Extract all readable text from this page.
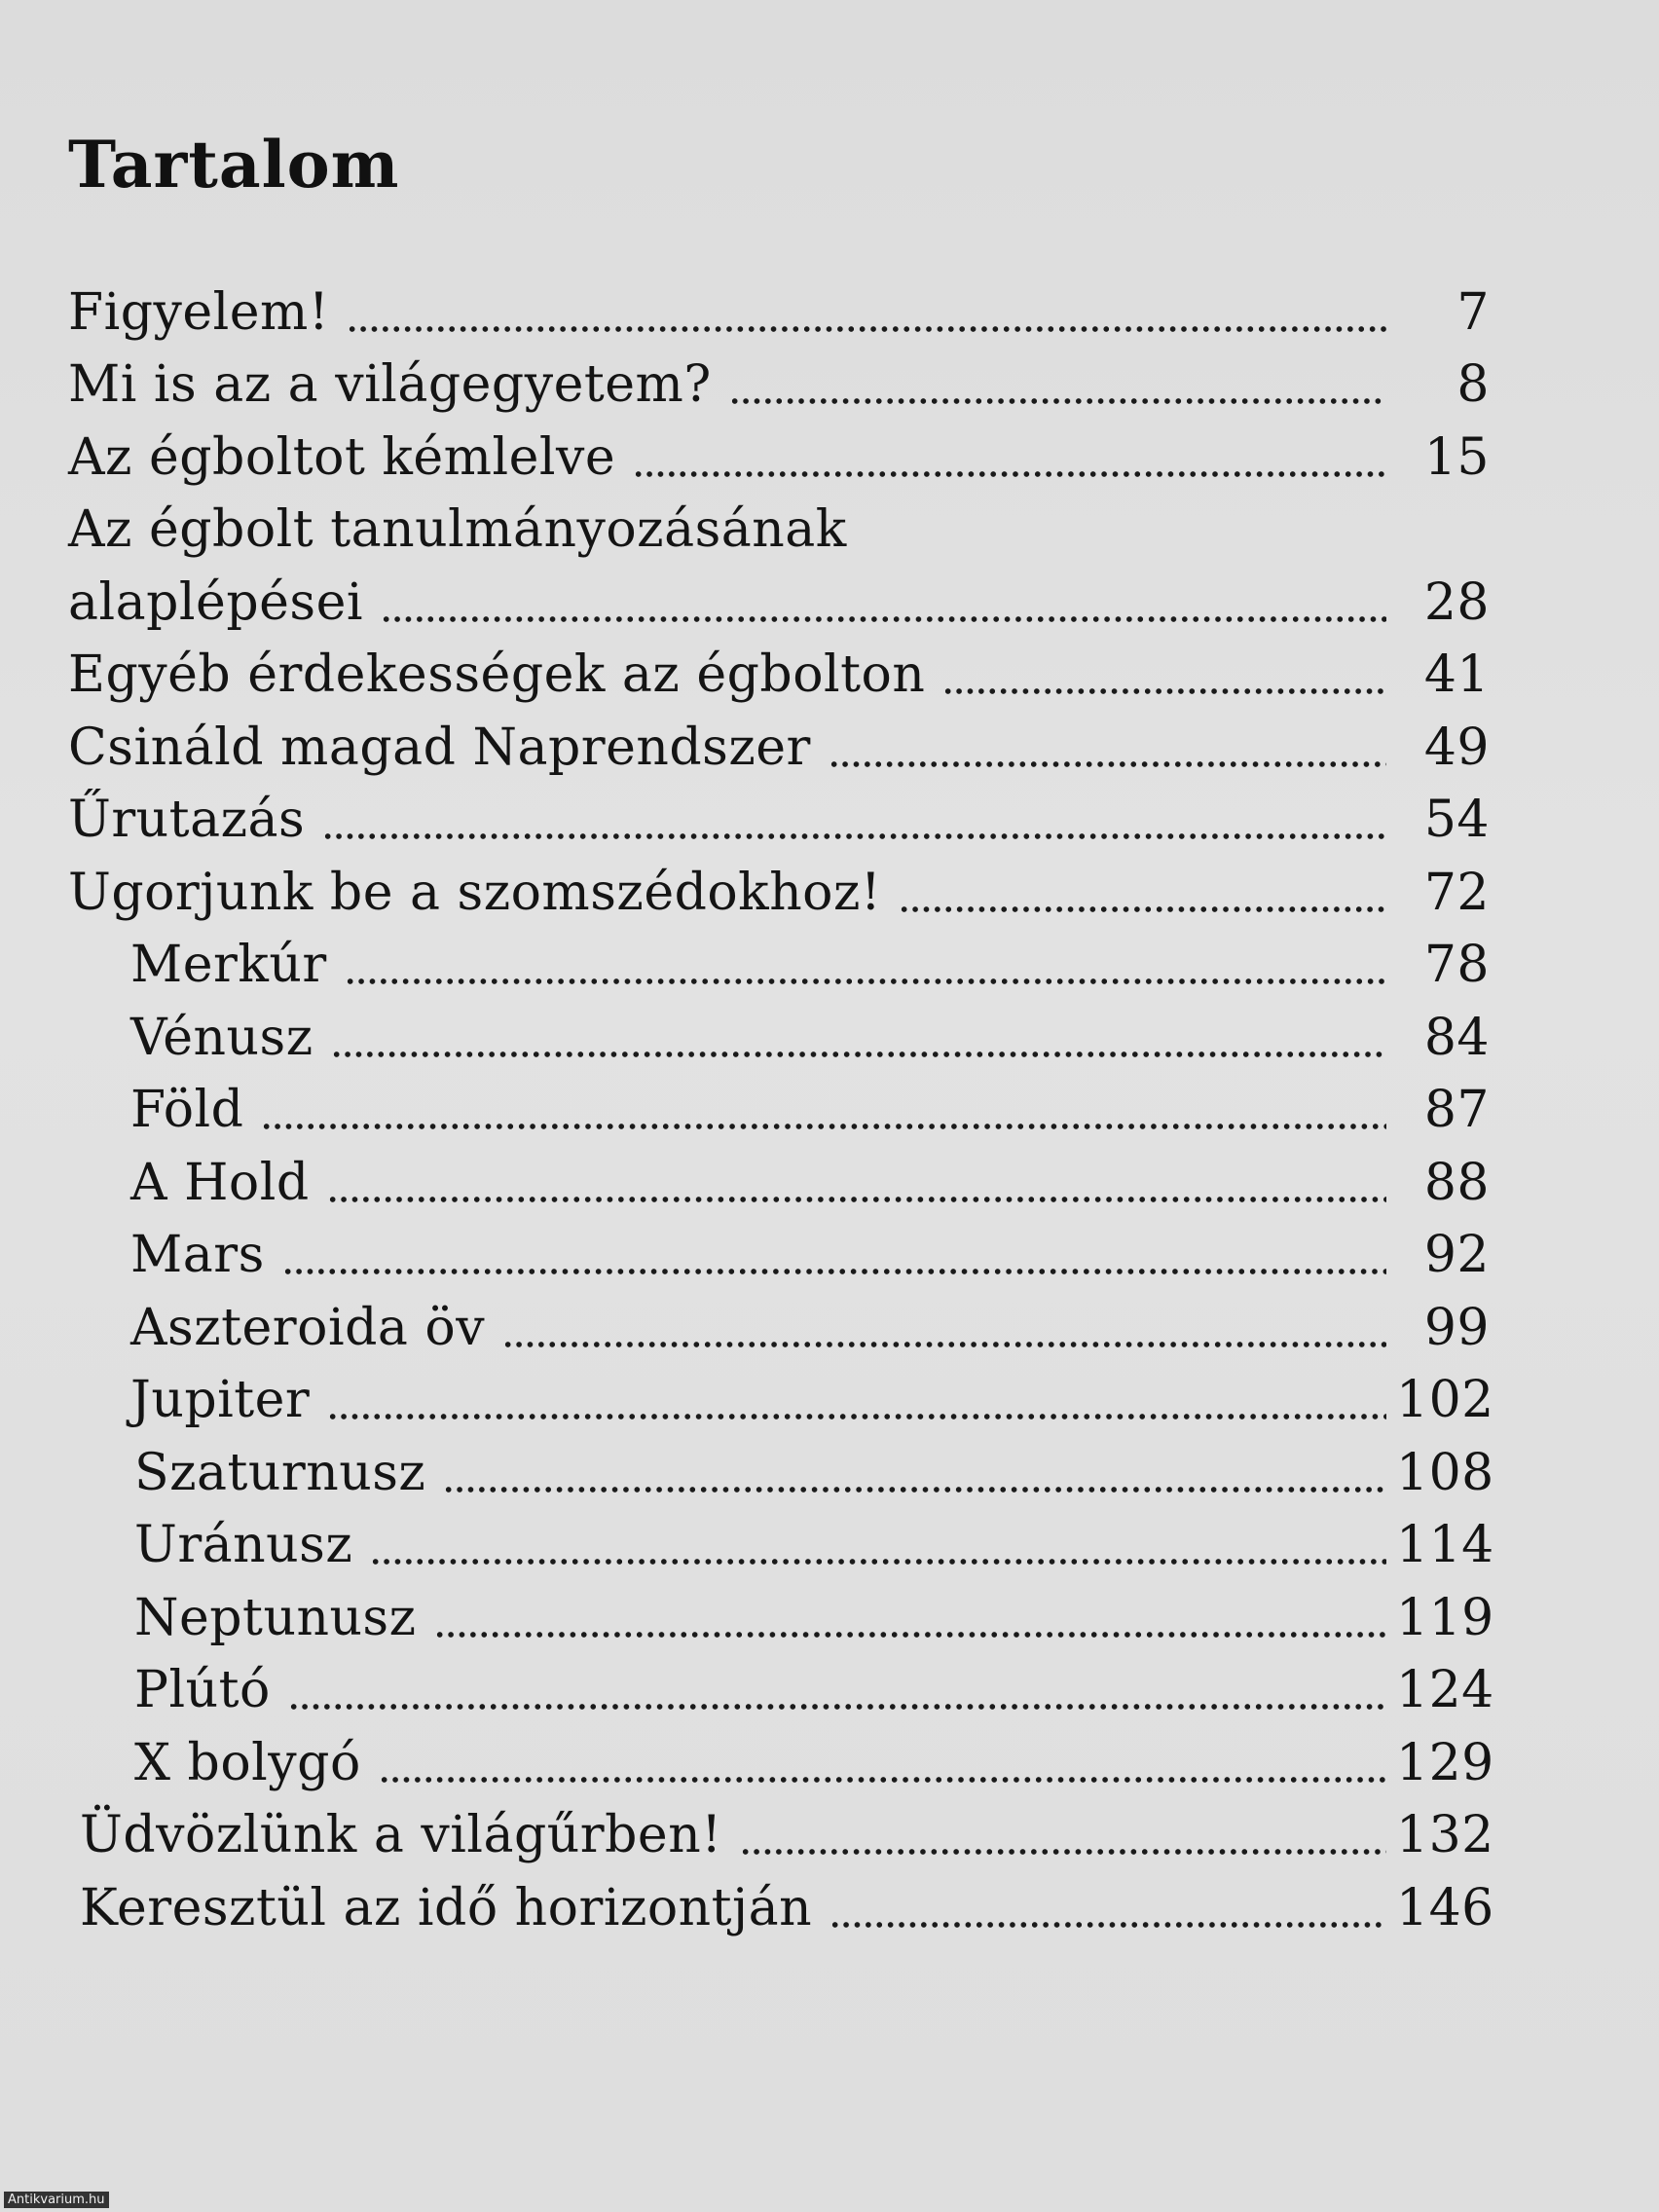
Tartalom
Figyelem!	7
Mi is az a világegyetem?	8
Az égboltot kémlelve	15
Az égbolt tanulmányozásának
alaplépései	28
Egyéb érdekességek az égbolton	41
Csináld magad Naprendszer	49
Űrutazás	54
Ugorjunk be a szomszédokhoz!	72
Merkúr	78
Vénusz	84
Föld	87
A Hold	88
Mars	92
Aszteroida öv	99
Jupiter	102
Szaturnusz	108
Uránusz	114
Neptunusz	119
Plútó	124
X bolygó	129
Üdvözlünk a világűrben!	132
Keresztül az idő horizontján	146
Antikvarium.hu
